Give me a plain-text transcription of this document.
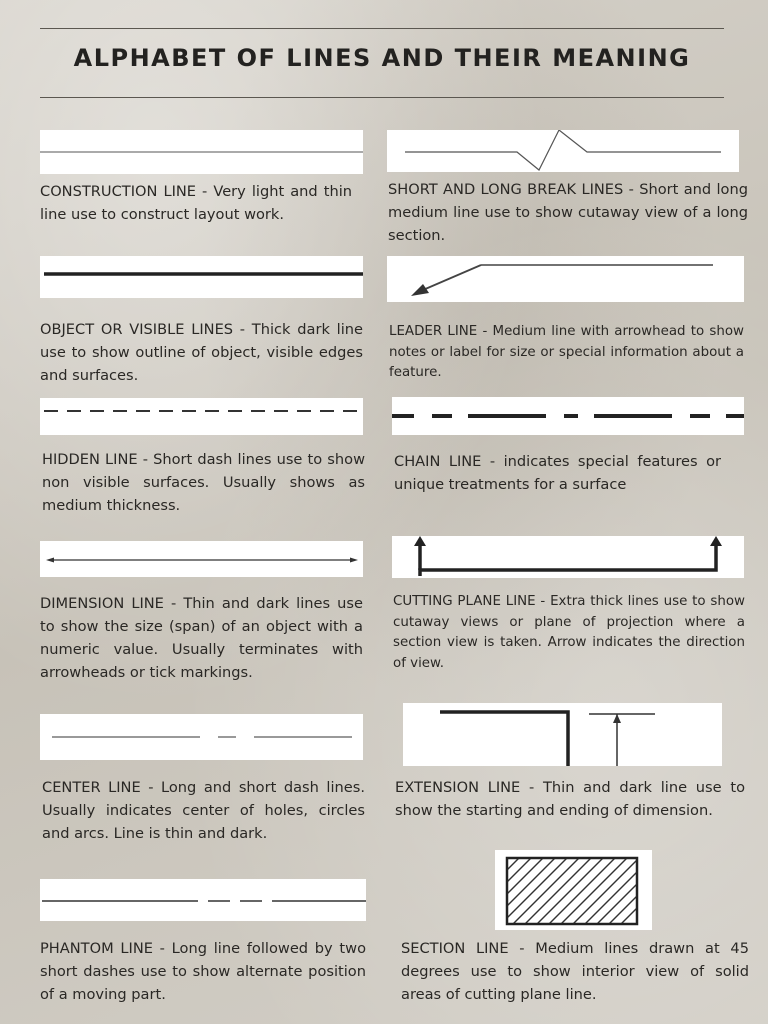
ALPHABET OF LINES AND THEIR MEANING
CONSTRUCTION LINE - Very light and thin line use to construct layout work.
OBJECT OR VISIBLE LINES - Thick dark line use to show outline of object, visible edges and surfaces.
HIDDEN LINE - Short dash lines use to show non visible surfaces. Usually shows as medium thickness.
DIMENSION LINE - Thin and dark lines use to show the size (span) of an object with a numeric value. Usually terminates with arrowheads or tick markings.
CENTER LINE - Long and short dash lines. Usually indicates center of holes, circles and arcs. Line is thin and dark.
PHANTOM LINE - Long line followed by two short dashes use to show alternate position of a moving part.
SHORT AND LONG BREAK LINES - Short and long medium line use to show cutaway view of a long section.
LEADER LINE - Medium line with arrowhead to show notes or label for size or special information about a feature.
CHAIN LINE - indicates special features or unique treatments for a surface
CUTTING PLANE LINE - Extra thick lines use to show cutaway views or plane of projection where a section view is taken. Arrow indicates the direction of view.
EXTENSION LINE - Thin and dark line use to show the starting and ending of dimension.
SECTION LINE - Medium lines drawn at 45 degrees use to show interior view of solid areas of cutting plane line.
